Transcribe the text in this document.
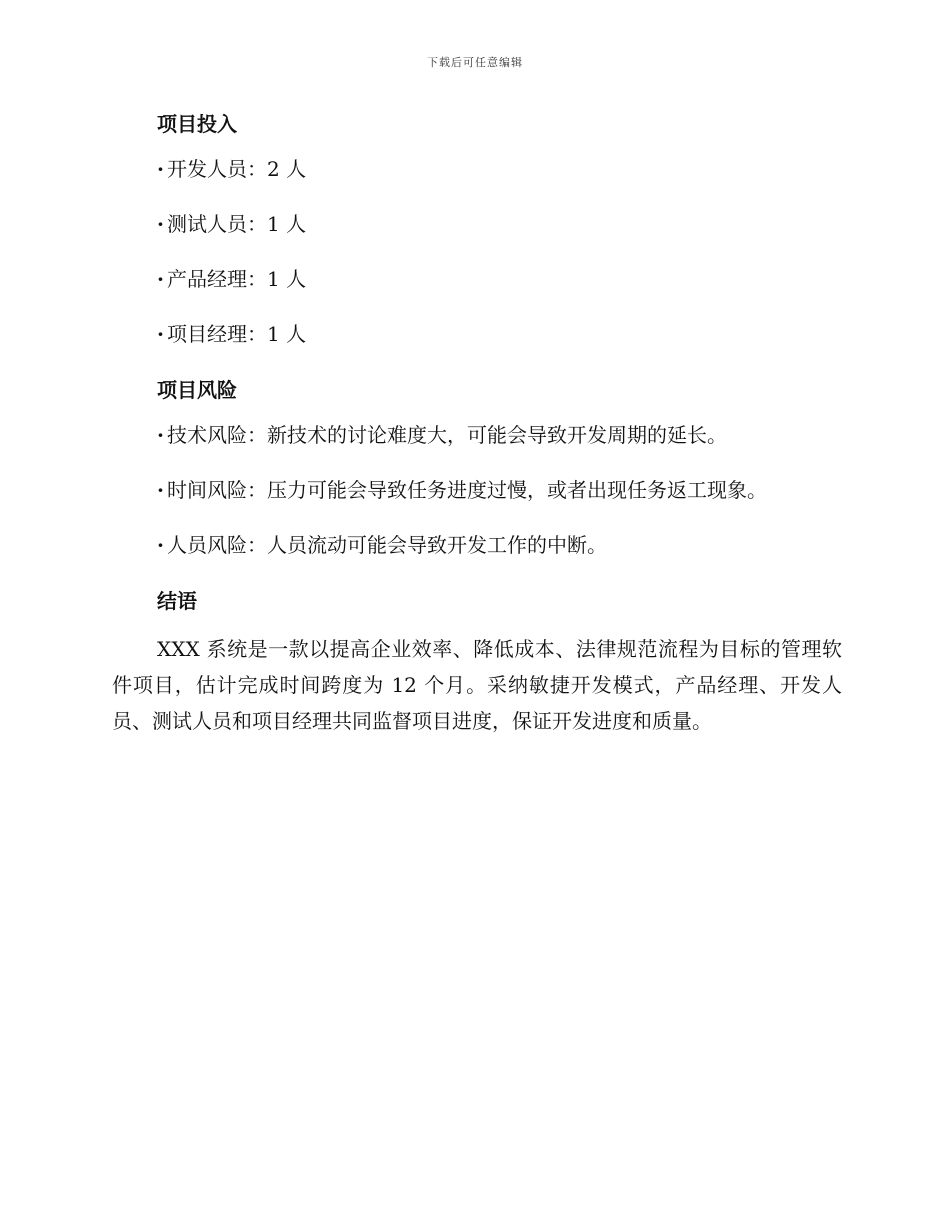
下载后可任意编辑
项目投入
· 开发人员：2 人
· 测试人员：1 人
· 产品经理：1 人
· 项目经理：1 人
项目风险
· 技术风险：新技术的讨论难度大，可能会导致开发周期的延长。
· 时间风险：压力可能会导致任务进度过慢，或者出现任务返工现象。
· 人员风险：人员流动可能会导致开发工作的中断。
结语

XXX 系统是一款以提高企业效率、降低成本、法律规范流程为目标的管理软件项目，估计完成时间跨度为 12 个月。采纳敏捷开发模式，产品经理、开发人员、测试人员和项目经理共同监督项目进度，保证开发进度和质量。
